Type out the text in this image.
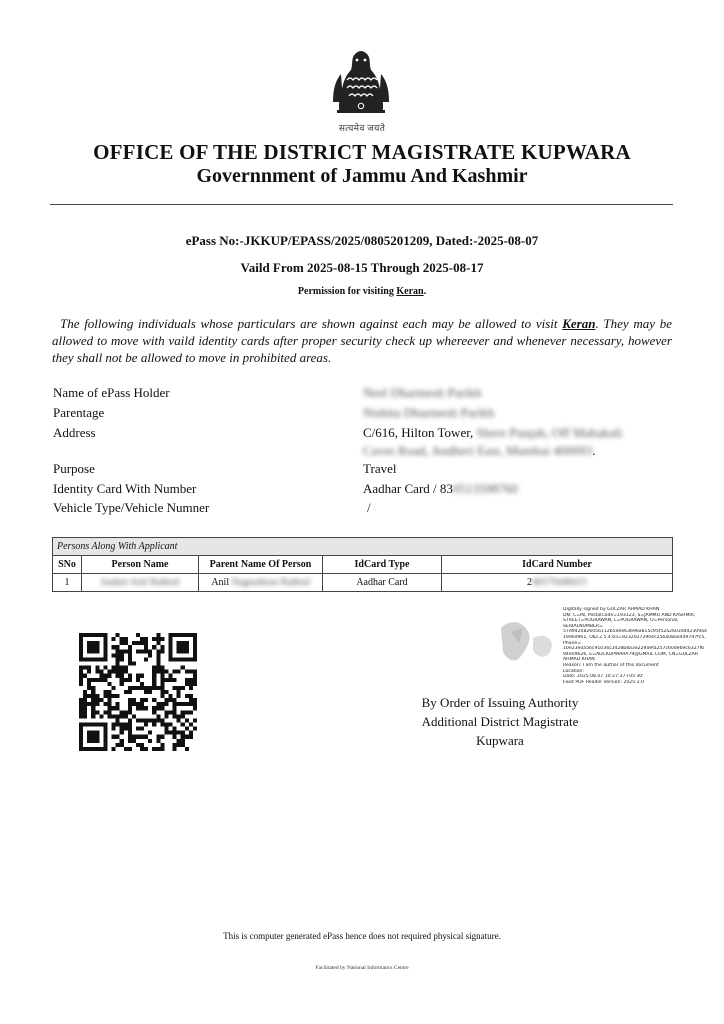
सत्यमेव जयते
OFFICE OF THE DISTRICT MAGISTRATE KUPWARA
Governnment of Jammu And Kashmir
ePass No:-JKKUP/EPASS/2025/0805201209, Dated:-2025-08-07
Vaild From 2025-08-15 Through 2025-08-17
Permission for visiting Keran.
The following individuals whose particulars are shown against each may be allowed to visit Keran. They may be allowed to move with vaild identity cards after proper security check up whereever and whenever necessary, however they shall not be allowed to move in prohibited areas.
Name of ePass Holder	Neel Dharmesh Parikh
Parentage	Nishita Dharmesh Parikh
Address	C/616, Hilton Tower, Shere Punjab, Off Mahakali
Caves Road, Andheri East, Mumbai 400093.
Purpose	Travel
Identity Card With Number	Aadhar Card / 830513598760
Vehicle Type/Vehicle Numner	/
Persons Along With Applicant				
SNo	Person Name	Parent Name Of Person	IdCard Type	IdCard Number
1	Sanket Anil Rathod	Anil Nagnathrao Rathod	Aadhar Card	246579448415
Digitally signed by GULZAR AHMAD KHAN
DN: C=IN, PostalCode=193123, S=JAMMU AND KASHMIR,
STREET=POGRAWAN, L=POGRAWAN, O=Personal,
SERIALNUMBER=
57d9420826056112b5e0e63696a815c95f52a2603d4d2309a4
19ded961, OID.2.5.4.65=9232027290ec25ba08ae4497d7fc5,
Phone=
10e23e0a56c91034c3428b8a3e229a9fa257c60de69c6327f6
94e09626, E=ADCKUPWARA79@GMAIL.COM, CN=GULZAR
AHMAD KHAN
Reason: I am the author of this document
Location:
Date: 2025.08.07 10:27:37+05'30'
Foxit PDF Reader Version: 2025.1.0
By Order of Issuing Authority
Additional District Magistrate
Kupwara
This is computer generated ePass hence does not required physical signature.
Facilitated by National Informatics Centre
